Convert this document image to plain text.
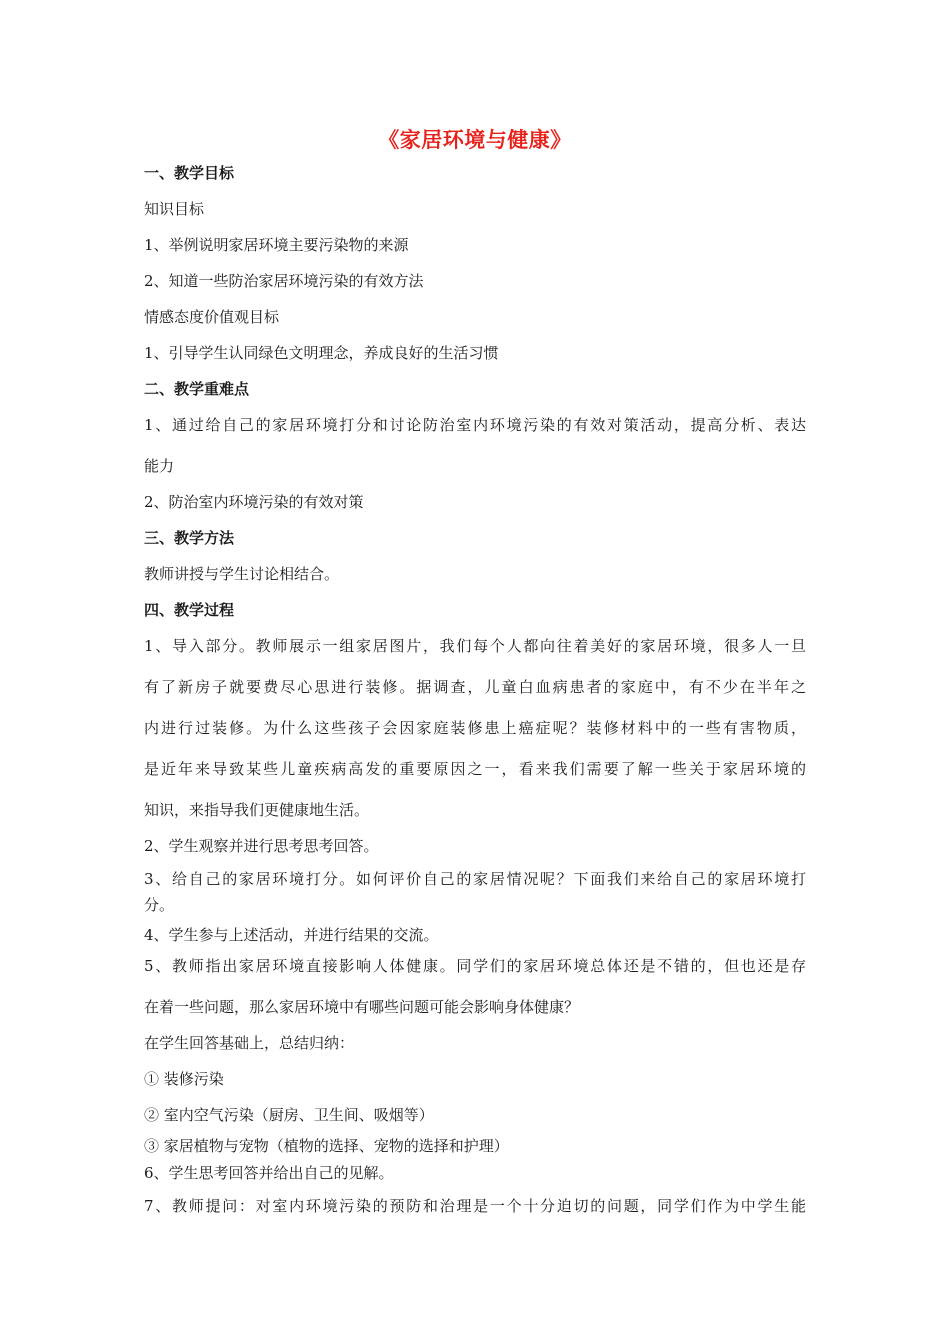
《家居环境与健康》
一、教学目标
知识目标
1、举例说明家居环境主要污染物的来源
2、知道一些防治家居环境污染的有效方法
情感态度价值观目标
1、引导学生认同绿色文明理念，养成良好的生活习惯
二、教学重难点
1、通过给自己的家居环境打分和讨论防治室内环境污染的有效对策活动，提高分析、表达
能力
2、防治室内环境污染的有效对策
三、教学方法
教师讲授与学生讨论相结合。
四、教学过程
1、导入部分。教师展示一组家居图片，我们每个人都向往着美好的家居环境，很多人一旦
有了新房子就要费尽心思进行装修。据调查，儿童白血病患者的家庭中，有不少在半年之
内进行过装修。为什么这些孩子会因家庭装修患上癌症呢？装修材料中的一些有害物质，
是近年来导致某些儿童疾病高发的重要原因之一，看来我们需要了解一些关于家居环境的
知识，来指导我们更健康地生活。
2、学生观察并进行思考思考回答。
3、给自己的家居环境打分。如何评价自己的家居情况呢？下面我们来给自己的家居环境打
分。
4、学生参与上述活动，并进行结果的交流。
5、教师指出家居环境直接影响人体健康。同学们的家居环境总体还是不错的，但也还是存
在着一些问题，那么家居环境中有哪些问题可能会影响身体健康？
在学生回答基础上，总结归纳：
① 装修污染
② 室内空气污染（厨房、卫生间、吸烟等）
③ 家居植物与宠物（植物的选择、宠物的选择和护理）
6、学生思考回答并给出自己的见解。
7、教师提问：对室内环境污染的预防和治理是一个十分迫切的问题，同学们作为中学生能
